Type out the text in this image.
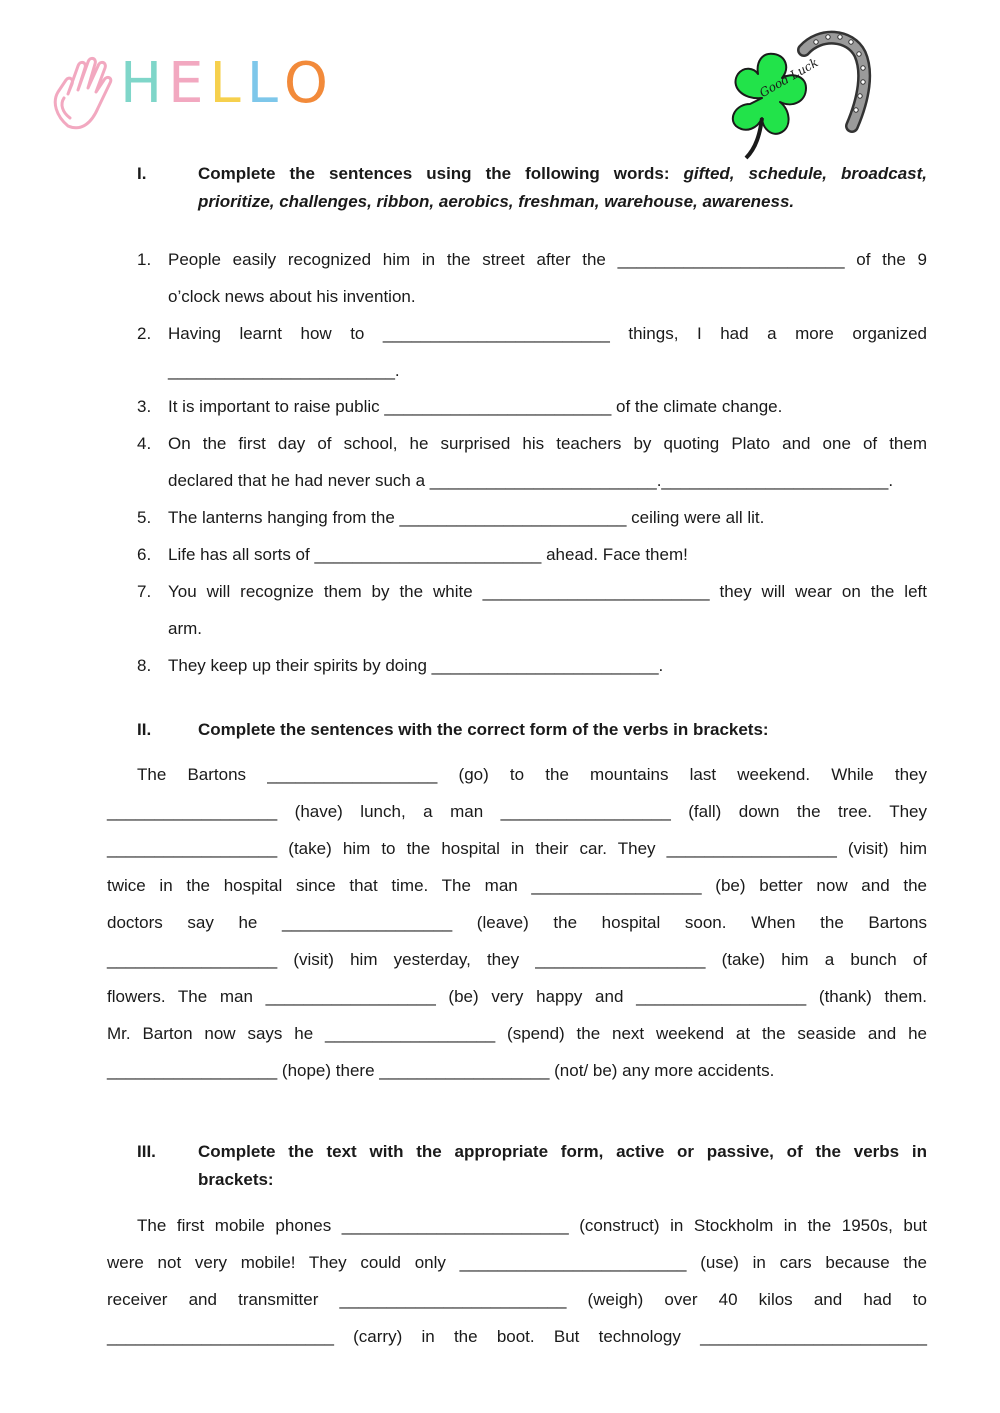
HELLO	Good Luck
I.	Complete the sentences using the following words: gifted, schedule, broadcast,
prioritize, challenges, ribbon, aerobics, freshman, warehouse, awareness.
1. People easily recognized him in the street after the ________________________ of the 9
o’clock news about his invention.
2. Having learnt how to ________________________ things, I had a more organized
________________________.
3. It is important to raise public ________________________ of the climate change.
4. On the first day of school, he surprised his teachers by quoting Plato and one of them
declared that he had never such a ________________________.________________________.
5. The lanterns hanging from the ________________________ ceiling were all lit.
6. Life has all sorts of ________________________ ahead. Face them!
7. You will recognize them by the white ________________________ they will wear on the left
arm.
8. They keep up their spirits by doing ________________________.
II.	Complete the sentences with the correct form of the verbs in brackets:
The Bartons __________________ (go) to the mountains last weekend. While they
__________________ (have) lunch, a man __________________ (fall) down the tree. They
__________________ (take) him to the hospital in their car. They __________________ (visit) him
twice in the hospital since that time. The man __________________ (be) better now and the
doctors say he __________________ (leave) the hospital soon. When the Bartons
__________________ (visit) him yesterday, they __________________ (take) him a bunch of
flowers. The man __________________ (be) very happy and __________________ (thank) them.
Mr. Barton now says he __________________ (spend) the next weekend at the seaside and he
__________________ (hope) there __________________ (not/ be) any more accidents.
III. Complete the text with the appropriate form, active or passive, of the verbs in
brackets:
The first mobile phones ________________________ (construct) in Stockholm in the 1950s, but
were not very mobile! They could only ________________________ (use) in cars because the
receiver and transmitter ________________________ (weigh) over 40 kilos and had to
________________________ (carry) in the boot. But technology ________________________
